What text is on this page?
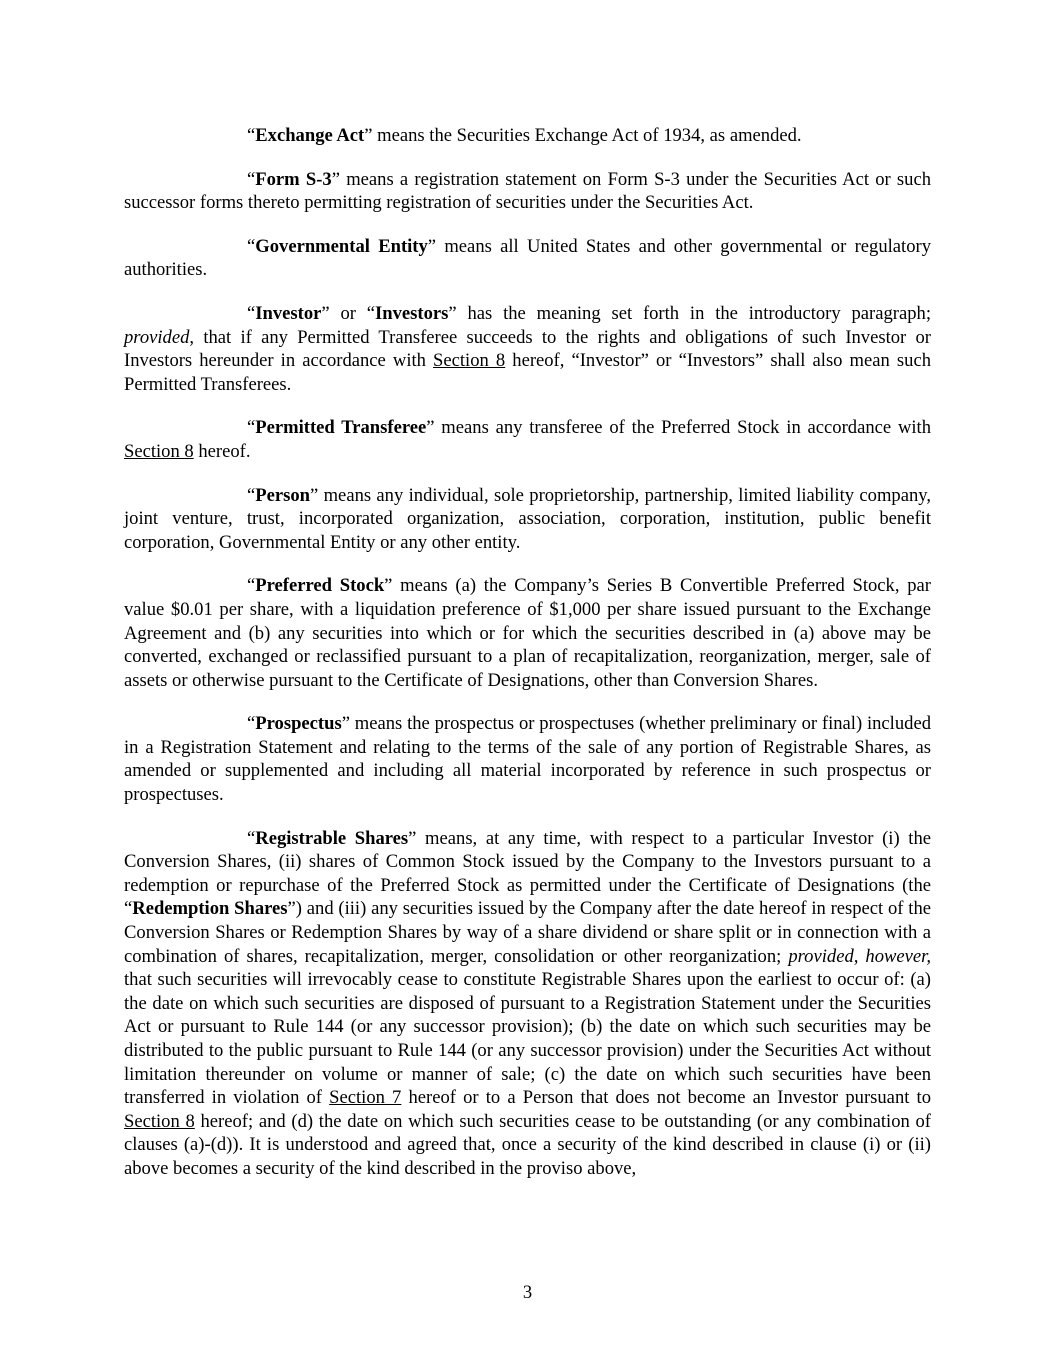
“Exchange Act” means the Securities Exchange Act of 1934, as amended.

“Form S-3” means a registration statement on Form S-3 under the Securities Act or such successor forms thereto permitting registration of securities under the Securities Act.

“Governmental Entity” means all United States and other governmental or regulatory authorities.

“Investor” or “Investors” has the meaning set forth in the introductory paragraph; provided, that if any Permitted Transferee succeeds to the rights and obligations of such Investor or Investors hereunder in accordance with Section 8 hereof, “Investor” or “Investors” shall also mean such Permitted Transferees.

“Permitted Transferee” means any transferee of the Preferred Stock in accordance with Section 8 hereof.

“Person” means any individual, sole proprietorship, partnership, limited liability company, joint venture, trust, incorporated organization, association, corporation, institution, public benefit corporation, Governmental Entity or any other entity.

“Preferred Stock” means (a) the Company’s Series B Convertible Preferred Stock, par value $0.01 per share, with a liquidation preference of $1,000 per share issued pursuant to the Exchange Agreement and (b) any securities into which or for which the securities described in (a) above may be converted, exchanged or reclassified pursuant to a plan of recapitalization, reorganization, merger, sale of assets or otherwise pursuant to the Certificate of Designations, other than Conversion Shares.

“Prospectus” means the prospectus or prospectuses (whether preliminary or final) included in a Registration Statement and relating to the terms of the sale of any portion of Registrable Shares, as amended or supplemented and including all material incorporated by reference in such prospectus or prospectuses.

“Registrable Shares” means, at any time, with respect to a particular Investor (i) the Conversion Shares, (ii) shares of Common Stock issued by the Company to the Investors pursuant to a redemption or repurchase of the Preferred Stock as permitted under the Certificate of Designations (the “Redemption Shares”) and (iii) any securities issued by the Company after the date hereof in respect of the Conversion Shares or Redemption Shares by way of a share dividend or share split or in connection with a combination of shares, recapitalization, merger, consolidation or other reorganization; provided, however, that such securities will irrevocably cease to constitute Registrable Shares upon the earliest to occur of: (a) the date on which such securities are disposed of pursuant to a Registration Statement under the Securities Act or pursuant to Rule 144 (or any successor provision); (b) the date on which such securities may be distributed to the public pursuant to Rule 144 (or any successor provision) under the Securities Act without limitation thereunder on volume or manner of sale; (c) the date on which such securities have been transferred in violation of Section 7 hereof or to a Person that does not become an Investor pursuant to Section 8 hereof; and (d) the date on which such securities cease to be outstanding (or any combination of clauses (a)-(d)). It is understood and agreed that, once a security of the kind described in clause (i) or (ii) above becomes a security of the kind described in the proviso above,

3
